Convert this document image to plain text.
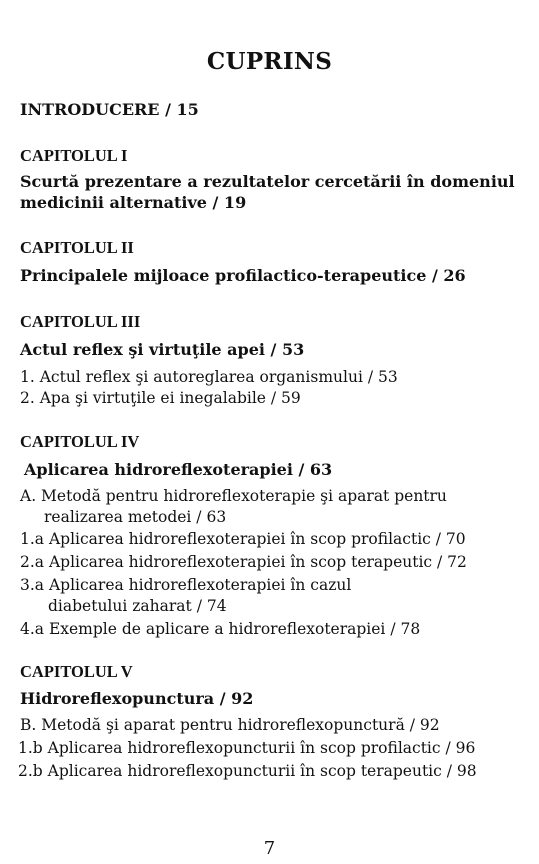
CUPRINS
INTRODUCERE / 15
CAPITOLUL I
Scurtă prezentare a rezultatelor cercetării în domeniul
medicinii alternative / 19
CAPITOLUL II
Principalele mijloace profilactico-terapeutice / 26
CAPITOLUL III
Actul reflex şi virtuţile apei / 53
1. Actul reflex şi autoreglarea organismului / 53
2. Apa şi virtuţile ei inegalabile / 59
CAPITOLUL IV
Aplicarea hidroreflexoterapiei / 63
A. Metodă pentru hidroreflexoterapie şi aparat pentru
realizarea metodei / 63
1.a Aplicarea hidroreflexoterapiei în scop profilactic / 70
2.a Aplicarea hidroreflexoterapiei în scop terapeutic / 72
3.a Aplicarea hidroreflexoterapiei în cazul
diabetului zaharat / 74
4.a Exemple de aplicare a hidroreflexoterapiei / 78
CAPITOLUL V
Hidroreflexopunctura / 92
B. Metodă şi aparat pentru hidroreflexopunctură / 92
1.b Aplicarea hidroreflexopuncturii în scop profilactic / 96
2.b Aplicarea hidroreflexopuncturii în scop terapeutic / 98
7
